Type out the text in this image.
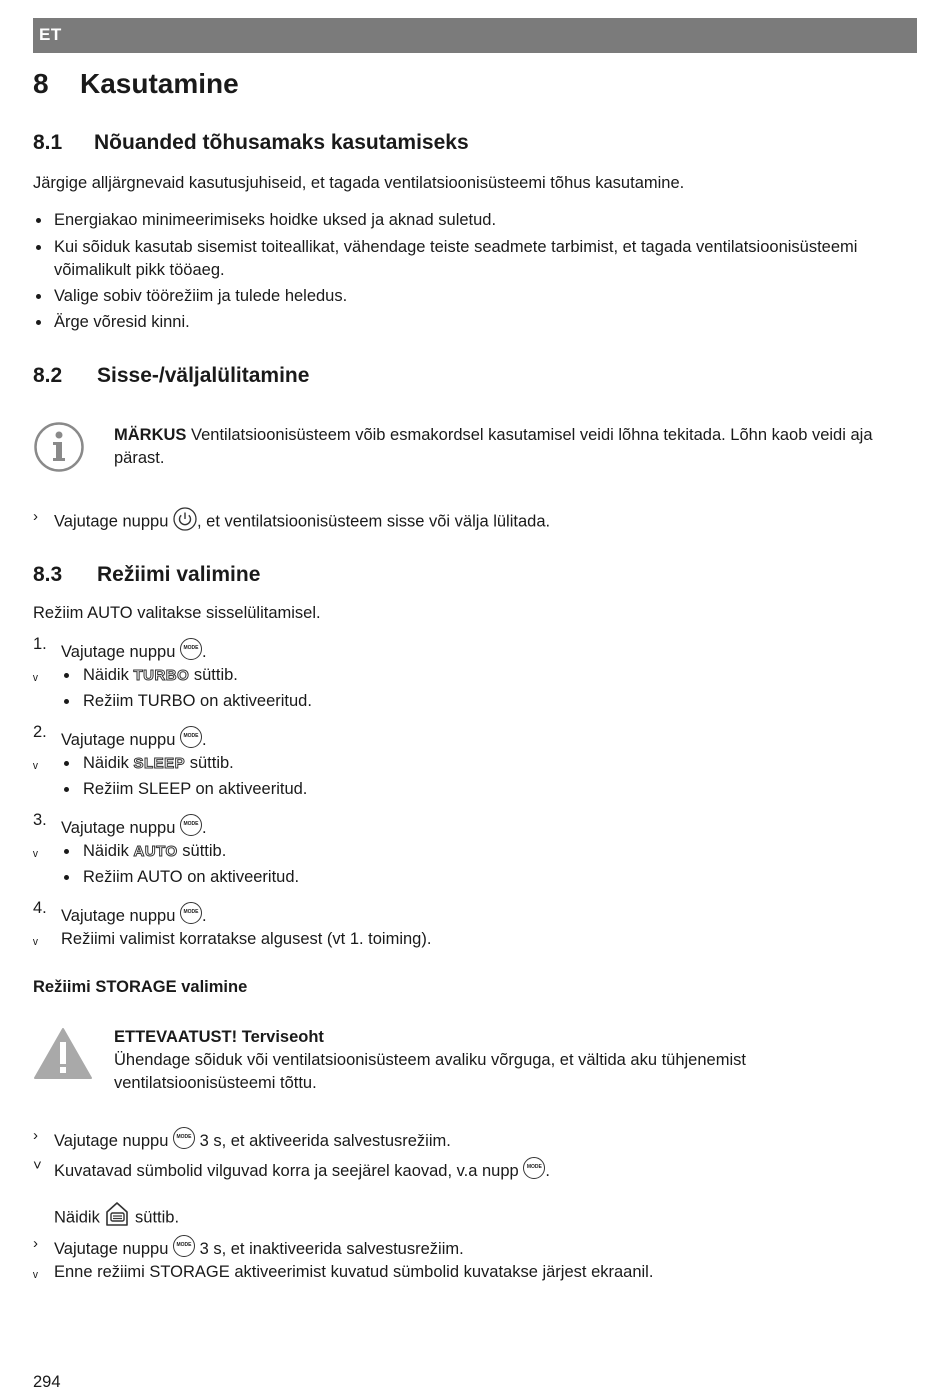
ET
8 Kasutamine
8.1 Nõuanded tõhusamaks kasutamiseks
Järgige alljärgnevaid kasutusjuhiseid, et tagada ventilatsioonisüsteemi tõhus kasutamine.
Energiakao minimeerimiseks hoidke uksed ja aknad suletud.
Kui sõiduk kasutab sisemist toiteallikat, vähendage teiste seadmete tarbimist, et tagada ventilatsioonisüsteemi
võimalikult pikk tööaeg.
Valige sobiv töörežiim ja tulede heledus.
Ärge võresid kinni.
8.2 Sisse-/väljalülitamine
MÄRKUS Ventilatsioonisüsteem võib esmakordsel kasutamisel veidi lõhna tekitada. Lõhn kaob veidi aja
pärast.
› Vajutage nuppu , et ventilatsioonisüsteem sisse või välja lülitada.
8.3 Režiimi valimine
Režiim AUTO valitakse sisselülitamisel.
1. Vajutage nuppu MODE .
ᵥ	Näidik TURBO süttib.
Režiim TURBO on aktiveeritud.
2. Vajutage nuppu MODE .
ᵥ	Näidik SLEEP süttib.
Režiim SLEEP on aktiveeritud.
3. Vajutage nuppu MODE .
ᵥ	Näidik AUTO süttib.
Režiim AUTO on aktiveeritud.
4. Vajutage nuppu MODE .
ᵥ Režiimi valimist korratakse algusest (vt 1. toiming).
Režiimi STORAGE valimine
ETTEVAATUST! Terviseoht
Ühendage sõiduk või ventilatsioonisüsteem avaliku võrguga, et vältida aku tühjenemist
ventilatsioonisüsteemi tõttu.
› Vajutage nuppu MODE 3 s, et aktiveerida salvestusrežiim.
˅ Kuvatavad sümbolid vilguvad korra ja seejärel kaovad, v.a nupp MODE .
Näidik süttib.
› Vajutage nuppu MODE 3 s, et inaktiveerida salvestusrežiim.
ᵥ Enne režiimi STORAGE aktiveerimist kuvatud sümbolid kuvatakse järjest ekraanil.
294
